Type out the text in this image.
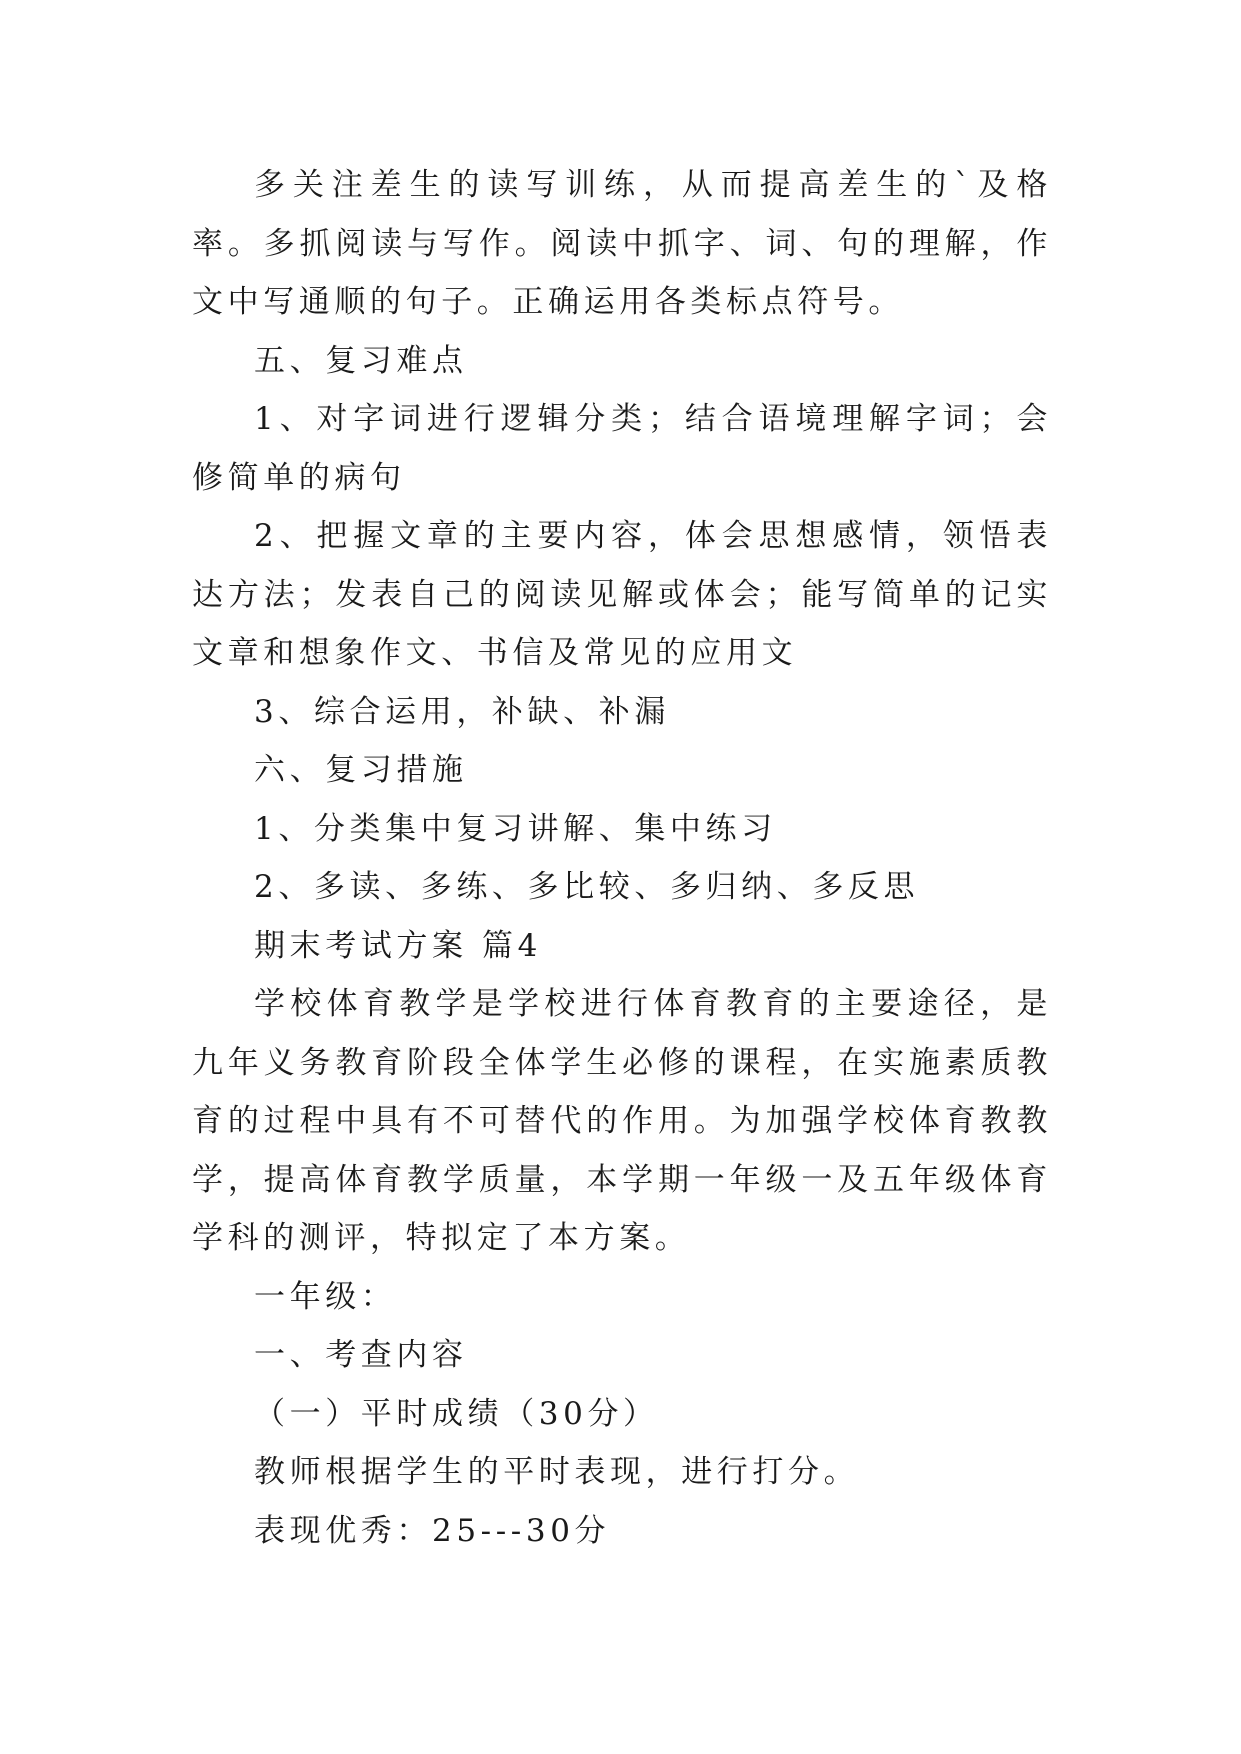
多关注差生的读写训练，从而提高差生的`及格率。多抓阅读与写作。阅读中抓字、词、句的理解，作文中写通顺的句子。正确运用各类标点符号。

五、复习难点

1、对字词进行逻辑分类；结合语境理解字词；会修简单的病句

2、把握文章的主要内容，体会思想感情，领悟表达方法；发表自己的阅读见解或体会；能写简单的记实文章和想象作文、书信及常见的应用文

3、综合运用，补缺、补漏

六、复习措施

1、分类集中复习讲解、集中练习

2、多读、多练、多比较、多归纳、多反思

期末考试方案 篇4

学校体育教学是学校进行体育教育的主要途径，是九年义务教育阶段全体学生必修的课程，在实施素质教育的过程中具有不可替代的作用。为加强学校体育教教学，提高体育教学质量，本学期一年级一及五年级体育学科的测评，特拟定了本方案。

一年级：

一、考查内容

（一）平时成绩（30分）

教师根据学生的平时表现，进行打分。

表现优秀：25---30分
